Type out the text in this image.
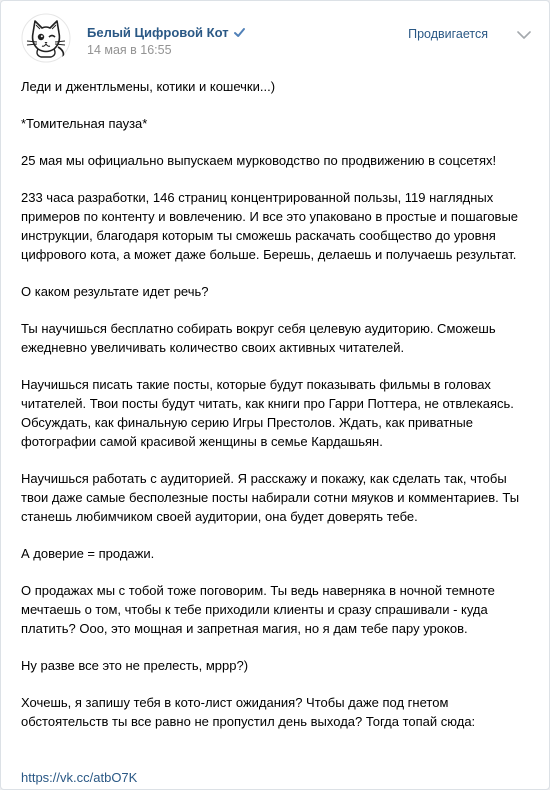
Белый Цифровой Кот
14 мая в 16:55
Продвигается

Леди и джентльмены, котики и кошечки...)

*Томительная пауза*

25 мая мы официально выпускаем мурководство по продвижению в соцсетях!

233 часа разработки, 146 страниц концентрированной пользы, 119 наглядных
примеров по контенту и вовлечению. И все это упаковано в простые и пошаговые
инструкции, благодаря которым ты сможешь раскачать сообщество до уровня
цифрового кота, а может даже больше. Берешь, делаешь и получаешь результат.

О каком результате идет речь?

Ты научишься бесплатно собирать вокруг себя целевую аудиторию. Сможешь
ежедневно увеличивать количество своих активных читателей.

Научишься писать такие посты, которые будут показывать фильмы в головах
читателей. Твои посты будут читать, как книги про Гарри Поттера, не отвлекаясь.
Обсуждать, как финальную серию Игры Престолов. Ждать, как приватные
фотографии самой красивой женщины в семье Кардашьян.

Научишься работать с аудиторией. Я расскажу и покажу, как сделать так, чтобы
твои даже самые бесполезные посты набирали сотни мяуков и комментариев. Ты
станешь любимчиком своей аудитории, она будет доверять тебе.

А доверие = продажи.

О продажах мы с тобой тоже поговорим. Ты ведь наверняка в ночной темноте
мечтаешь о том, чтобы к тебе приходили клиенты и сразу спрашивали - куда
платить? Ооо, это мощная и запретная магия, но я дам тебе пару уроков.

Ну разве все это не прелесть, мррр?)

Хочешь, я запишу тебя в кото-лист ожидания? Чтобы даже под гнетом
обстоятельств ты все равно не пропустил день выхода? Тогда топай сюда:

https://vk.cc/atbO7K
